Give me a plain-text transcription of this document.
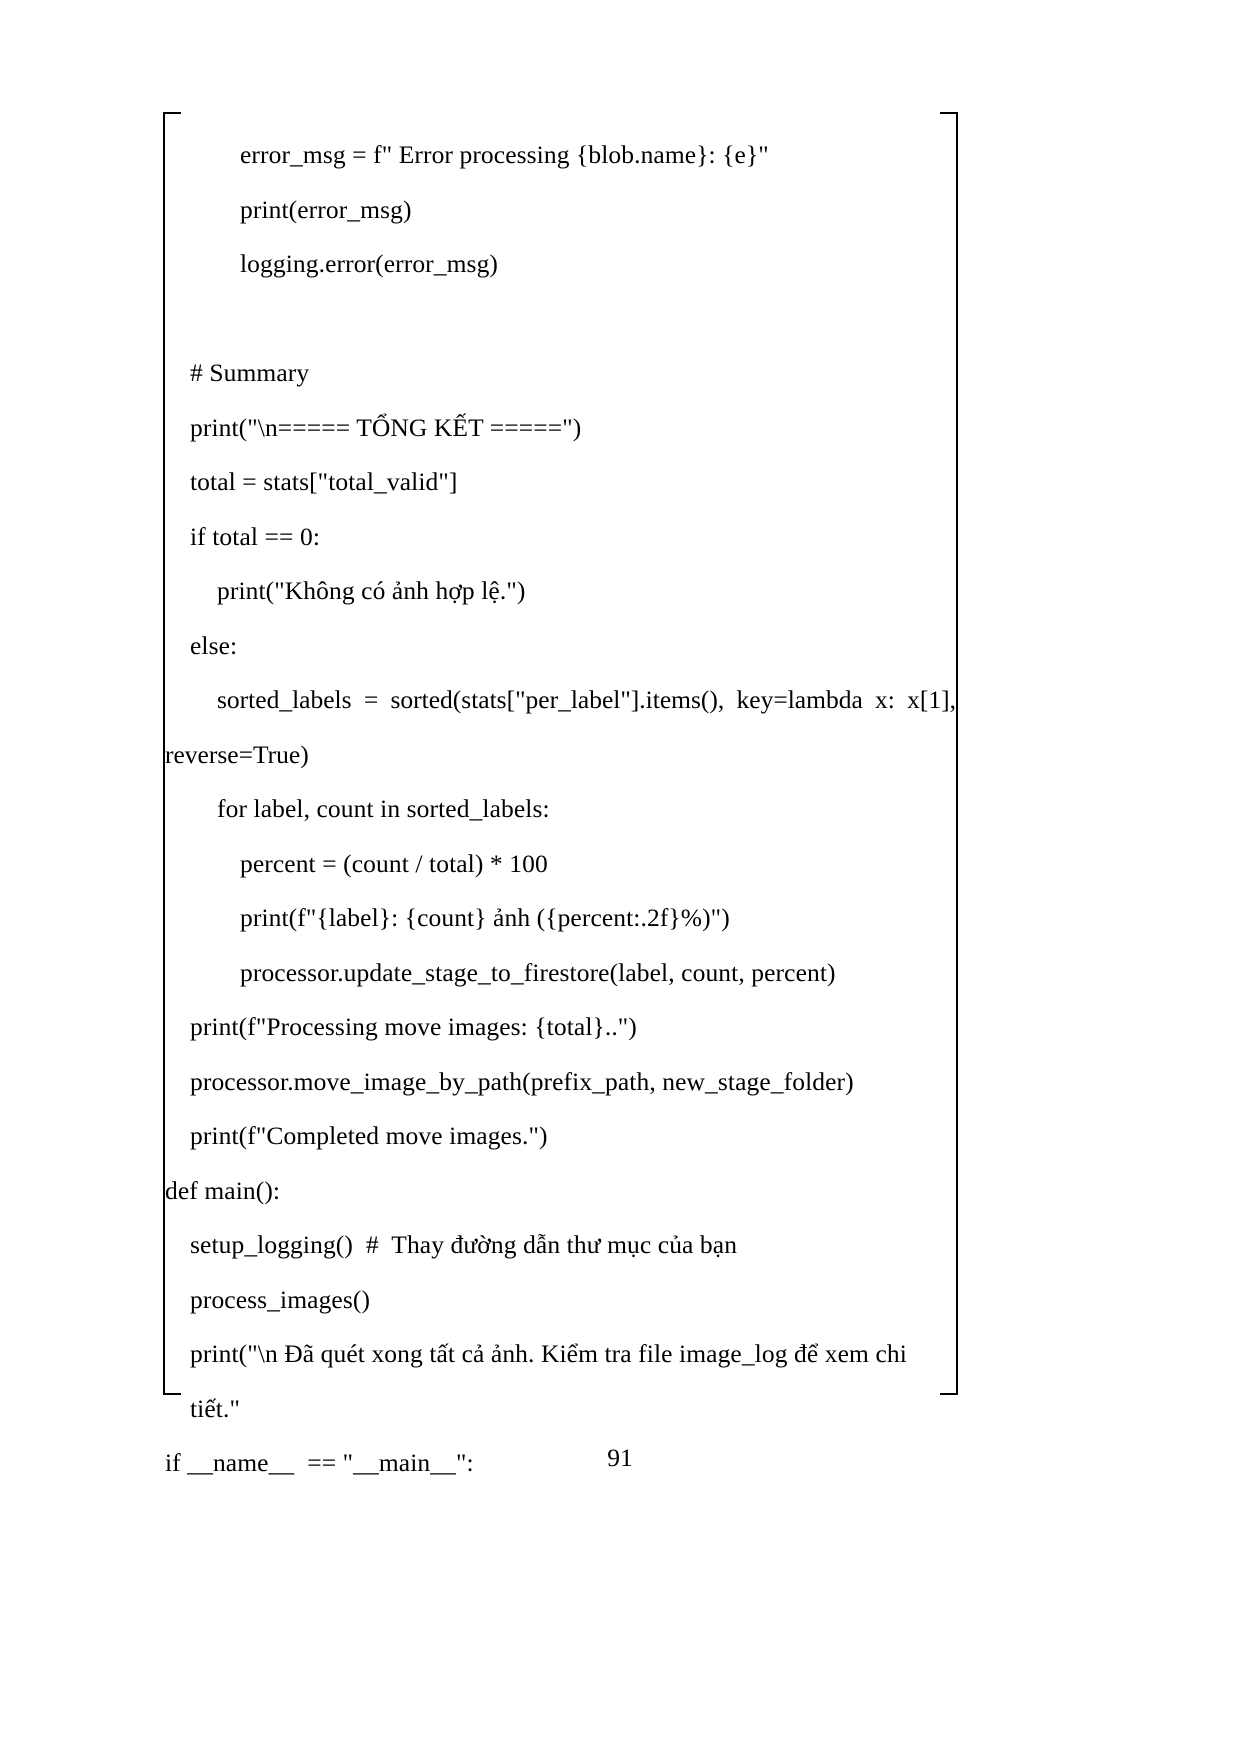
error_msg = f" Error processing {blob.name}: {e}"
print(error_msg)
logging.error(error_msg)
# Summary
print("\n===== TỔNG KẾT =====")
total = stats["total_valid"]
if total == 0:
print("Không có ảnh hợp lệ.")
else:
sorted_labels = sorted(stats["per_label"].items(), key=lambda x: x[1],
reverse=True)
for label, count in sorted_labels:
percent = (count / total) * 100
print(f"{label}: {count} ảnh ({percent:.2f}%)")
processor.update_stage_to_firestore(label, count, percent)
print(f"Processing move images: {total}..")
processor.move_image_by_path(prefix_path, new_stage_folder)
print(f"Completed move images.")
def main():
setup_logging()  #  Thay đường dẫn thư mục của bạn
process_images()
print("\n Đã quét xong tất cả ảnh. Kiểm tra file image_log để xem chi tiết."
if __name__  == "__main__":	91
